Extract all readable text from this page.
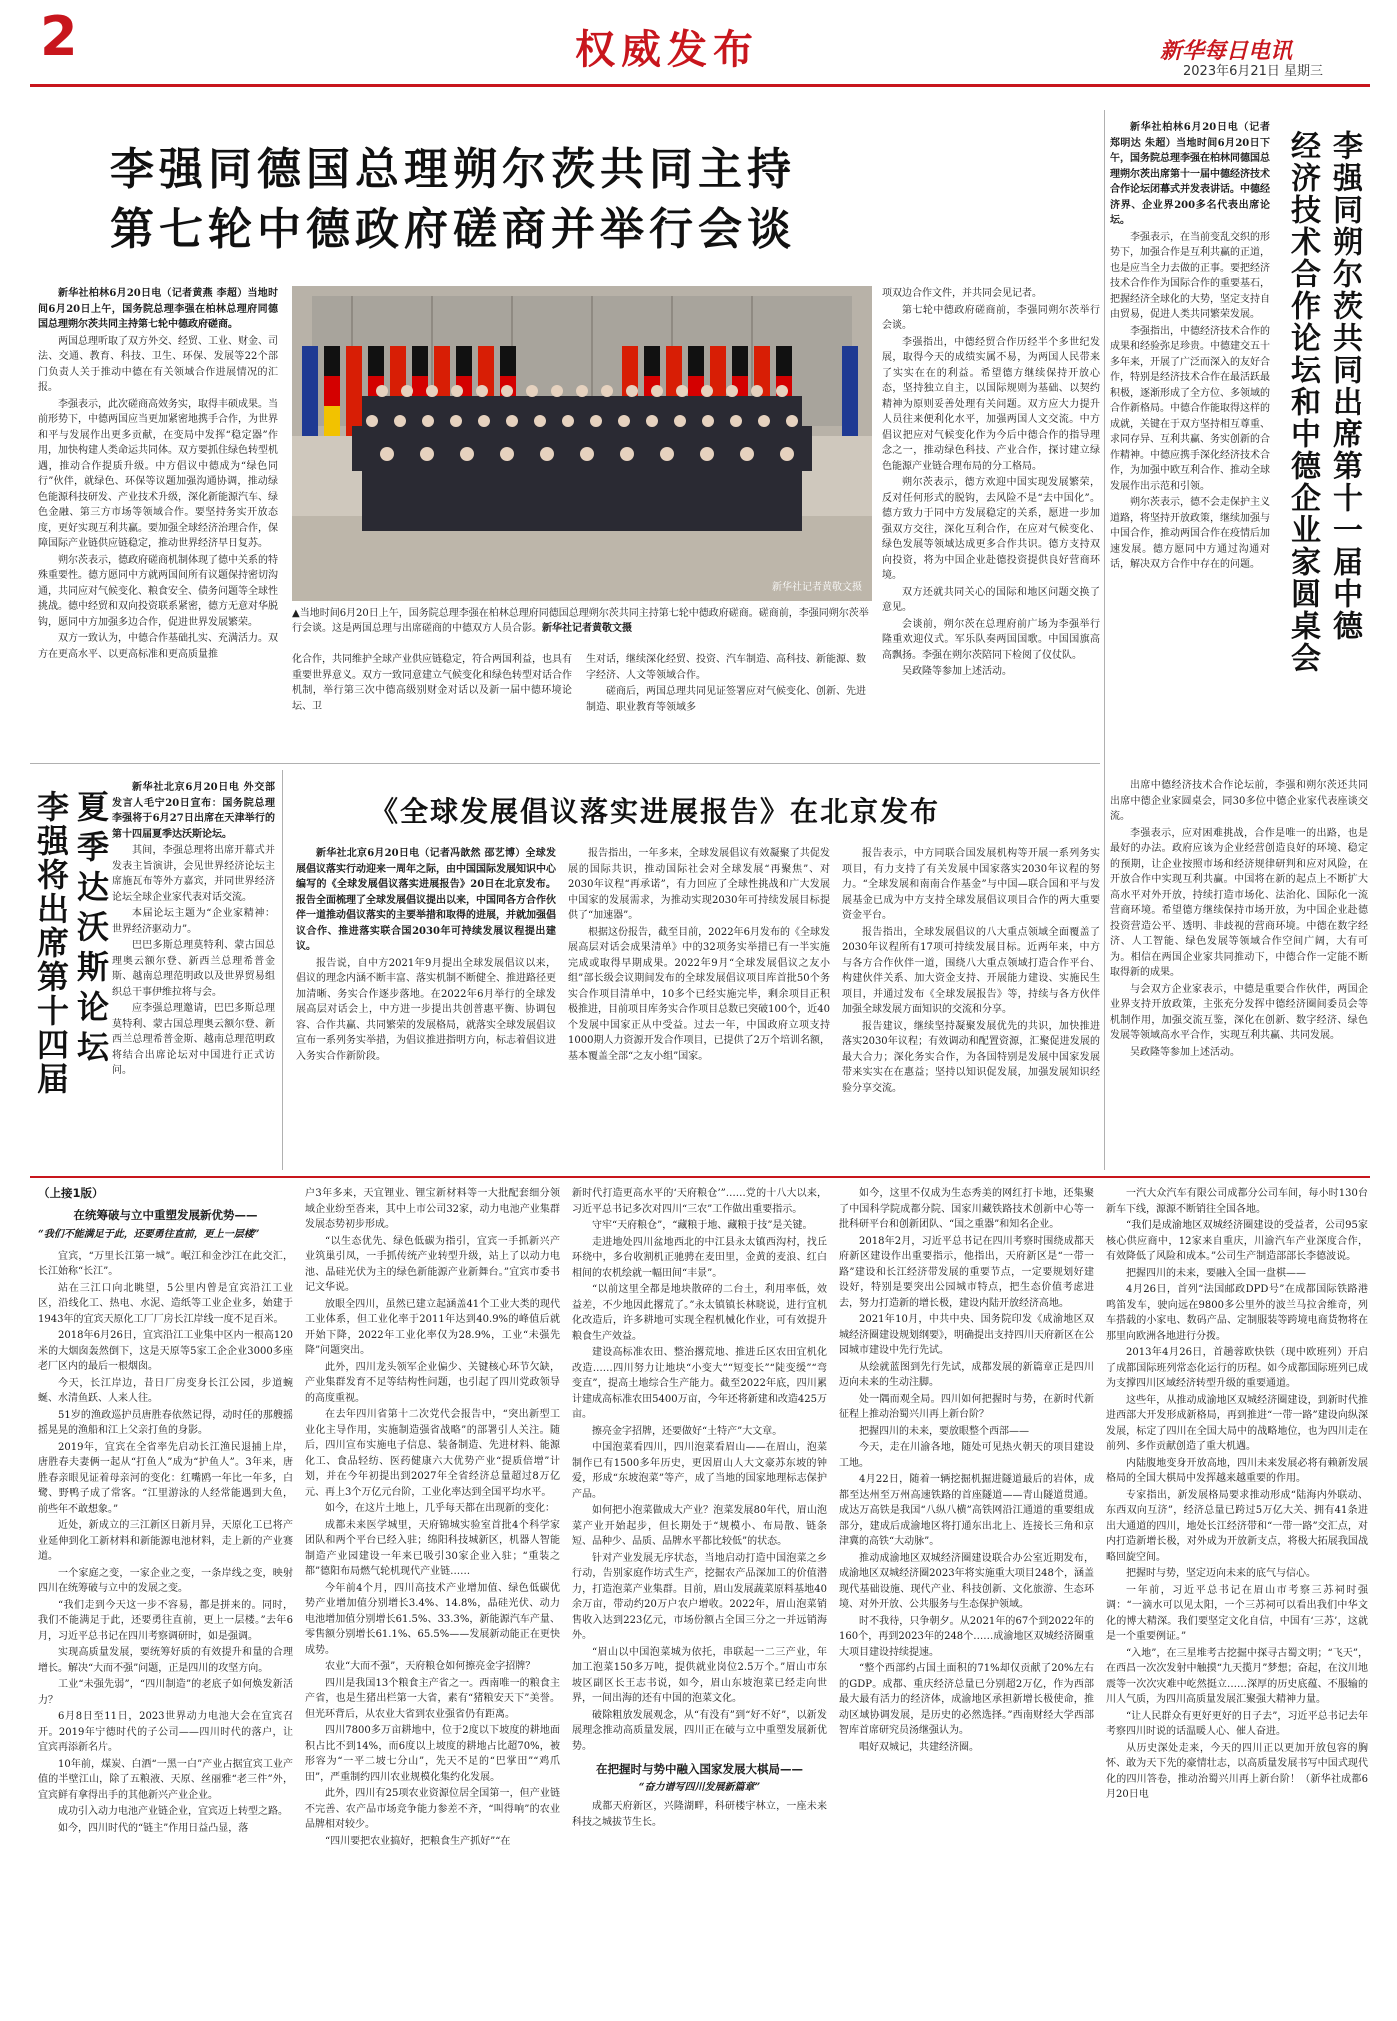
2	权威发布	新华每日电讯
2023年6月21日 星期三
李强同德国总理朔尔茨共同主持
第七轮中德政府磋商并举行会谈

新华社柏林6月20日电（记者黄燕 李超）当地时间6月20日上午，国务院总理李强在柏林总理府同德国总理朔尔茨共同主持第七轮中德政府磋商。

两国总理听取了双方外交、经贸、工业、财金、司法、交通、教育、科技、卫生、环保、发展等22个部门负责人关于推动中德在有关领域合作进展情况的汇报。

李强表示，此次磋商高效务实，取得丰硕成果。当前形势下，中德两国应当更加紧密地携手合作，为世界和平与发展作出更多贡献，在变局中发挥“稳定器”作用，加快构建人类命运共同体。双方要抓住绿色转型机遇，推动合作提质升级。中方倡议中德成为“绿色同行”伙伴，就绿色、环保等议题加强沟通协调，推动绿色能源科技研发、产业技术升级，深化新能源汽车、绿色金融、第三方市场等领域合作。要坚持务实开放态度，更好实现互利共赢。要加强全球经济治理合作，保障国际产业链供应链稳定，推动世界经济早日复苏。

朔尔茨表示，德政府磋商机制体现了德中关系的特殊重要性。德方愿同中方就两国间所有议题保持密切沟通，共同应对气候变化、粮食安全、债务问题等全球性挑战。德中经贸和双向投资联系紧密，德方无意对华脱钩，愿同中方加强多边合作，促进世界发展繁荣。

双方一致认为，中德合作基础扎实、充满活力。双方在更高水平、以更高标准和更高质量推

新华社记者黄敬文摄
▲当地时间6月20日上午，国务院总理李强在柏林总理府同德国总理朔尔茨共同主持第七轮中德政府磋商。磋商前，李强同朔尔茨举行会谈。这是两国总理与出席磋商的中德双方人员合影。新华社记者黄敬文摄

化合作，共同维护全球产业供应链稳定，符合两国利益，也具有重要世界意义。双方一致同意建立气候变化和绿色转型对话合作机制，举行第三次中德高级别财金对话以及新一届中德环境论坛、卫

生对话，继续深化经贸、投资、汽车制造、高科技、新能源、数字经济、人文等领域合作。

磋商后，两国总理共同见证签署应对气候变化、创新、先进制造、职业教育等领域多

项双边合作文件，并共同会见记者。

第七轮中德政府磋商前，李强同朔尔茨举行会谈。

李强指出，中德经贸合作历经半个多世纪发展，取得今天的成绩实属不易，为两国人民带来了实实在在的利益。希望德方继续保持开放心态，坚持独立自主，以国际规则为基础、以契约精神为原则妥善处理有关问题。双方应大力提升人员往来便利化水平，加强两国人文交流。中方倡议把应对气候变化作为今后中德合作的指导理念之一，推动绿色科技、产业合作，探讨建立绿色能源产业链合理布局的分工格局。

朔尔茨表示，德方欢迎中国实现发展繁荣，反对任何形式的脱钩，去风险不是“去中国化”。德方致力于同中方发展稳定的关系，愿进一步加强双方交往，深化互利合作，在应对气候变化、绿色发展等领域达成更多合作共识。德方支持双向投资，将为中国企业赴德投资提供良好营商环境。

双方还就共同关心的国际和地区问题交换了意见。

会谈前，朔尔茨在总理府前广场为李强举行隆重欢迎仪式。军乐队奏两国国歌。中国国旗高高飘扬。李强在朔尔茨陪同下检阅了仪仗队。

吴政隆等参加上述活动。

李强同朔尔茨共同出席第十一届中德
经济技术合作论坛和中德企业家圆桌会

新华社柏林6月20日电（记者郑明达 朱超）当地时间6月20日下午，国务院总理李强在柏林同德国总理朔尔茨出席第十一届中德经济技术合作论坛闭幕式并发表讲话。中德经济界、企业界200多名代表出席论坛。

李强表示，在当前变乱交织的形势下，加强合作是互利共赢的正道，也是应当全力去做的正事。要把经济技术合作作为国际合作的重要基石，把握经济全球化的大势，坚定支持自由贸易，促进人类共同繁荣发展。

李强指出，中德经济技术合作的成果和经验弥足珍贵。中德建交五十多年来，开展了广泛而深入的友好合作，特别是经济技术合作在最活跃最积极，逐渐形成了全方位、多领域的合作新格局。中德合作能取得这样的成就，关键在于双方坚持相互尊重、求同存异、互利共赢、务实创新的合作精神。中德应携手深化经济技术合作，为加强中欧互利合作、推动全球发展作出示范和引领。

朔尔茨表示，德不会走保护主义道路，将坚持开放政策，继续加强与中国合作，推动两国合作在疫情后加速发展。德方愿同中方通过沟通对话，解决双方合作中存在的问题。

出席中德经济技术合作论坛前，李强和朔尔茨还共同出席中德企业家圆桌会，同30多位中德企业家代表座谈交流。

李强表示，应对困难挑战，合作是唯一的出路，也是最好的办法。政府应该为企业经营创造良好的环境、稳定的预期，让企业按照市场和经济规律研判和应对风险，在开放合作中实现互利共赢。中国将在新的起点上不断扩大高水平对外开放，持续打造市场化、法治化、国际化一流营商环境。希望德方继续保持市场开放，为中国企业赴德投资营造公平、透明、非歧视的营商环境。中德在数字经济、人工智能、绿色发展等领域合作空间广阔，大有可为。相信在两国企业家共同推动下，中德合作一定能不断取得新的成果。

与会双方企业家表示，中德是重要合作伙伴，两国企业界支持开放政策，主张充分发挥中德经济圈间委员会等机制作用，加强交流互鉴，深化在创新、数字经济、绿色发展等领域高水平合作，实现互利共赢、共同发展。

吴政隆等参加上述活动。

李强将出席第十四届 夏季达沃斯论坛

新华社北京6月20日电 外交部发言人毛宁20日宣布：国务院总理李强将于6月27日出席在天津举行的第十四届夏季达沃斯论坛。

其间，李强总理将出席开幕式并发表主旨演讲，会见世界经济论坛主席施瓦布等外方嘉宾，并同世界经济论坛全球企业家代表对话交流。

本届论坛主题为“企业家精神：世界经济驱动力”。

巴巴多斯总理莫特利、蒙古国总理奥云额尔登、新西兰总理希普金斯、越南总理范明政以及世界贸易组织总干事伊维拉将与会。

应李强总理邀请，巴巴多斯总理莫特利、蒙古国总理奥云额尔登、新西兰总理希普金斯、越南总理范明政将结合出席论坛对中国进行正式访问。

《全球发展倡议落实进展报告》在北京发布

新华社北京6月20日电（记者冯歆然 邵艺博）全球发展倡议落实行动迎来一周年之际，由中国国际发展知识中心编写的《全球发展倡议落实进展报告》20日在北京发布。报告全面梳理了全球发展倡议提出以来，中国同各方合作伙伴一道推动倡议落实的主要举措和取得的进展，并就加强倡议合作、推进落实联合国2030年可持续发展议程提出建议。

报告说，自中方2021年9月提出全球发展倡议以来，倡议的理念内涵不断丰富、落实机制不断健全、推进路径更加清晰、务实合作逐步落地。在2022年6月举行的全球发展高层对话会上，中方进一步提出共创普惠平衡、协调包容、合作共赢、共同繁荣的发展格局，就落实全球发展倡议宣布一系列务实举措，为倡议推进指明方向，标志着倡议进入务实合作新阶段。

报告指出，一年多来，全球发展倡议有效凝聚了共促发展的国际共识，推动国际社会对全球发展“再聚焦”、对2030年议程“再承诺”，有力回应了全球性挑战和广大发展中国家的发展需求，为推动实现2030年可持续发展目标提供了“加速器”。

根据这份报告，截至目前，2022年6月发布的《全球发展高层对话会成果清单》中的32项务实举措已有一半实施完成或取得早期成果。2022年9月“全球发展倡议之友小组”部长级会议期间发布的全球发展倡议项目库首批50个务实合作项目清单中，10多个已经实施完毕，剩余项目正积极推进，目前项目库务实合作项目总数已突破100个，近40个发展中国家正从中受益。过去一年，中国政府立项支持1000期人力资源开发合作项目，已提供了2万个培训名额，基本覆盖全部“之友小组”国家。

报告表示，中方同联合国发展机构等开展一系列务实项目，有力支持了有关发展中国家落实2030年议程的努力。“全球发展和南南合作基金”与中国—联合国和平与发展基金已成为中方支持全球发展倡议项目合作的两大重要资金平台。

报告指出，全球发展倡议的八大重点领域全面覆盖了2030年议程所有17项可持续发展目标。近两年来，中方与各方合作伙伴一道，围绕八大重点领域打造合作平台、构建伙伴关系、加大资金支持、开展能力建设、实施民生项目，并通过发布《全球发展报告》等，持续与各方伙伴加强全球发展方面知识的交流和分享。

报告建议，继续坚持凝聚发展优先的共识，加快推进落实2030年议程；有效调动和配置资源，汇聚促进发展的最大合力；深化务实合作，为各国特别是发展中国家发展带来实实在在惠益；坚持以知识促发展，加强发展知识经验分享交流。

（上接1版）
在统筹破与立中重塑发展新优势——
“我们不能满足于此，还要勇往直前，更上一层楼”

宜宾，“万里长江第一城”。岷江和金沙江在此交汇，长江始称“长江”。

站在三江口向北眺望，5公里内曾是宜宾沿江工业区，沿线化工、热电、水泥、造纸等工业企业多，始建于1943年的宜宾天原化工厂厂房长江岸线一度不足百米。

2018年6月26日，宜宾沿江工业集中区内一根高120米的大烟囱轰然倒下，这是天原等5家工企企业3000多座老厂区内的最后一根烟囱。

今天，长江岸边，昔日厂房变身长江公园，步道蜿蜒、水清鱼跃、人来人往。

51岁的渔政巡护员唐胜春依然记得，动时任的那艘摇摇晃晃的渔船和江上父亲打鱼的身影。

2019年，宜宾在全省率先启动长江渔民退捕上岸，唐胜春夫妻俩一起从“打鱼人”成为“护鱼人”。3年来，唐胜春亲眼见证着母亲河的变化：红嘴鸥一年比一年多，白鹭、野鸭子成了常客。“江里游泳的人经常能遇到大鱼，前些年不敢想象。”

近处，新成立的三江新区日新月异，天原化工已将产业延伸到化工新材料和新能源电池材料，走上新的产业赛道。

一个家庭之变，一家企业之变，一条岸线之变，映射四川在统筹破与立中的发展之变。

“我们走到今天这一步不容易，都是拼来的。同时，我们不能满足于此，还要勇往直前，更上一层楼。”去年6月，习近平总书记在四川考察调研时，如是强调。

实现高质量发展，要统筹好质的有效提升和量的合理增长。解决“大而不强”问题，正是四川的攻坚方向。

工业“未强先弱”，“四川制造”的老底子如何焕发新活力？

6月8日至11日，2023世界动力电池大会在宜宾召开。2019年宁德时代的子公司——四川时代的落户，让宜宾再添新名片。

10年前，煤炭、白酒“一黑一白”产业占据宜宾工业产值的半壁江山，除了五粮液、天原、丝丽雅“老三件”外，宜宾鲜有拿得出手的其他新兴产业企业。

成功引入动力电池产业链企业，宜宾迈上转型之路。

如今，四川时代的“链主”作用日益凸显，落

户3年多来，天宜锂业、锂宝新材料等一大批配套细分领域企业纷至沓来，其中上市公司32家，动力电池产业集群发展态势初步形成。

“以生态优先、绿色低碳为指引，宜宾一手抓新兴产业筑巢引凤，一手抓传统产业转型升级，站上了以动力电池、晶硅光伏为主的绿色新能源产业新舞台。”宜宾市委书记文华说。

放眼全四川，虽然已建立起涵盖41个工业大类的现代工业体系，但工业化率于2011年达到40.9%的峰值后就开始下降，2022年工业化率仅为28.9%，工业“未强先降”问题突出。

此外，四川龙头领军企业偏少、关键核心环节欠缺，产业集群发育不足等结构性问题，也引起了四川党政领导的高度重视。

在去年四川省第十二次党代会报告中，“突出新型工业化主导作用，实施制造强省战略”的部署引人关注。随后，四川宣布实施电子信息、装备制造、先进材料、能源化工、食品轻纺、医药健康六大优势产业“提质倍增”计划，并在今年初提出到2027年全省经济总量超过8万亿元、再上3个万亿元台阶，工业化率达到全国平均水平。

如今，在这片土地上，几乎每天都在出现新的变化：

成都未来医学城里，天府锦城实验室首批4个科学家团队和两个平台已经入驻；绵阳科技城新区，机器人智能制造产业园建设一年来已吸引30家企业入驻；“重装之都”德阳布局燃气轮机现代产业链……

今年前4个月，四川高技术产业增加值、绿色低碳优势产业增加值分别增长3.4%、14.8%，晶硅光伏、动力电池增加值分别增长61.5%、33.3%，新能源汽车产量、零售额分别增长61.1%、65.5%——发展新动能正在更快成势。

农业“大而不强”，天府粮仓如何擦亮金字招牌？

四川是我国13个粮食主产省之一。西南唯一的粮食主产省，也是生猪出栏第一大省，素有“猪粮安天下”美誉。但光环背后，从农业大省到农业强省仍有距离。

四川7800多万亩耕地中，位于2度以下坡度的耕地面积占比不到14%，而6度以上坡度的耕地占比超70%，被形容为“一平二坡七分山”，先天不足的“巴掌田”“鸡爪田”，严重制约四川农业规模化集约化发展。

此外，四川有25项农业资源位居全国第一，但产业链不完善、农产品市场竞争能力参差不齐，“叫得响”的农业品牌相对较少。

“四川要把农业搞好，把粮食生产抓好”“在

新时代打造更高水平的‘天府粮仓’”……党的十八大以来，习近平总书记多次对四川“三农”工作做出重要指示。

守牢“天府粮仓”，“藏粮于地、藏粮于技”是关键。

走进地处四川盆地西北的中江县永太镇西沟村，找丘环绕中，多台收割机正驰骋在麦田里，金黄的麦浪、红白相间的农机绘就一幅田间“丰景”。

“以前这里全都是地块散碎的二台土，利用率低，效益差，不少地因此撂荒了。”永太镇镇长林晓说，进行宜机化改造后，许多耕地可实现全程机械化作业，可有效提升粮食生产效益。

建设高标准农田、整治撂荒地、推进丘区农田宜机化改造……四川努力让地块“小变大”“短变长”“陡变缓”“弯变直”，提高土地综合生产能力。截至2022年底，四川累计建成高标准农田5400万亩，今年还将新建和改造425万亩。

擦亮金字招牌，还要做好“土特产”大文章。

中国泡菜看四川，四川泡菜看眉山——在眉山，泡菜制作已有1500多年历史，更因眉山人大文豪苏东坡的钟爱，形成“东坡泡菜”等产，成了当地的国家地理标志保护产品。

如何把小泡菜做成大产业？泡菜发展80年代，眉山泡菜产业开始起步，但长期处于“规模小、布局散、链条短、品种少、品质、品牌水平都比较低”的状态。

针对产业发展无序状态，当地启动打造中国泡菜之乡行动，告别家庭作坊式生产，挖掘农产品深加工的价值潜力，打造泡菜产业集群。目前，眉山发展蔬菜原料基地40余万亩，带动约20万户农户增收。2022年，眉山泡菜销售收入达到223亿元，市场份额占全国三分之一并远销海外。

“眉山以中国泡菜城为依托，串联起一二三产业，年加工泡菜150多万吨，提供就业岗位2.5万个。”眉山市东坡区副区长王志书说，如今，眉山东坡泡菜已经走向世界，一间出海的还有中国的泡菜文化。

破除粗放发展观念，从“有没有”到“好不好”，以新发展理念推动高质量发展，四川正在破与立中重塑发展新优势。

在把握时与势中融入国家发展大棋局——
“奋力谱写四川发展新篇章”

成都天府新区，兴隆湖畔，科研楼宇林立，一座未来科技之城拔节生长。

如今，这里不仅成为生态秀美的网红打卡地，还集聚了中国科学院成都分院、国家川藏铁路技术创新中心等一批科研平台和创新团队、“国之重器”和知名企业。

2018年2月，习近平总书记在四川考察时围绕成都天府新区建设作出重要指示，他指出，天府新区是“一带一路”建设和长江经济带发展的重要节点，一定要规划好建设好，特别是要突出公园城市特点，把生态价值考虑进去，努力打造新的增长极，建设内陆开放经济高地。

2021年10月，中共中央、国务院印发《成渝地区双城经济圈建设规划纲要》，明确提出支持四川天府新区在公园城市建设中先行先试。

从绘就蓝图到先行先试，成都发展的新篇章正是四川迈向未来的生动注脚。

处一隅而观全局。四川如何把握时与势，在新时代新征程上推动治蜀兴川再上新台阶？

把握四川的未来，要放眼整个西部——

今天，走在川渝各地，随处可见热火朝天的项目建设工地。

4月22日，随着一辆挖掘机掘进隧道最后的岩体，成都至达州至万州高速铁路的首座隧道——青山隧道贯通。成达万高铁是我国“八纵八横”高铁网沿江通道的重要组成部分，建成后成渝地区将打通东出北上、连接长三角和京津冀的高铁“大动脉”。

推动成渝地区双城经济圈建设联合办公室近期发布，成渝地区双城经济圈2023年将实施重大项目248个，涵盖现代基础设施、现代产业、科技创新、文化旅游、生态环境、对外开放、公共服务与生态保护领域。

时不我待，只争朝夕。从2021年的67个到2022年的160个，再到2023年的248个……成渝地区双城经济圈重大项目建设持续提速。

“整个西部约占国土面积的71%却仅贡献了20%左右的GDP。成都、重庆经济总量已分别超2万亿，作为西部最大最有活力的经济体，成渝地区承担新增长极使命，推动区域协调发展，是历史的必然选择。”西南财经大学西部智库首席研究员汤继强认为。

唱好双城记，共建经济圈。

一汽大众汽车有限公司成都分公司车间，每小时130台新车下线，源源不断销往全国各地。

“我们是成渝地区双城经济圈建设的受益者，公司95家核心供应商中，12家来自重庆，川渝汽车产业深度合作，有效降低了风险和成本。”公司生产制造部部长李德波说。

把握四川的未来，要融入全国一盘棋——

4月26日，首列“法国邮政DPD号”在成都国际铁路港鸣笛发车，驶向远在9800多公里外的波兰马拉舍维奇，列车搭载的小家电、数码产品、定制服装等跨境电商货物将在那里向欧洲各地进行分拨。

2013年4月26日，首趟蓉欧快铁（现中欧班列）开启了成都国际班列常态化运行的历程。如今成都国际班列已成为支撑四川区域经济转型升级的重要通道。

这些年，从推动成渝地区双城经济圈建设，到新时代推进西部大开发形成新格局，再到推进“一带一路”建设向纵深发展，标定了四川在全国大局中的战略地位，也为四川走在前列、多作贡献创造了重大机遇。

内陆腹地变身开放高地，四川未来发展必将有赖新发展格局的全国大棋局中发挥越来越重要的作用。

专家指出，新发展格局要求推动形成“陆海内外联动、东西双向互济”，经济总量已跨过5万亿大关、拥有41条进出大通道的四川，地处长江经济带和“一带一路”交汇点，对内打造新增长极，对外成为开放新支点，将极大拓展我国战略回旋空间。

把握时与势，坚定迈向未来的底气与信心。

一年前，习近平总书记在眉山市考察三苏祠时强调：“一滴水可以见太阳，一个三苏祠可以看出我们中华文化的博大精深。我们要坚定文化自信，中国有‘三苏’，这就是一个重要例证。”

“入地”，在三星堆考古挖掘中探寻古蜀文明；“飞天”，在西昌一次次发射中触摸“九天揽月”梦想；奋起，在汶川地震等一次次灾难中屹然挺立……深厚的历史底蕴、不服输的川人气质，为四川高质量发展汇聚强大精神力量。

“让人民群众有更好更好的日子去”，习近平总书记去年考察四川时说的话温暖人心、催人奋进。

从历史深处走来，今天的四川正以更加开放包容的胸怀、敢为天下先的豪情壮志，以高质量发展书写中国式现代化的四川答卷，推动治蜀兴川再上新台阶！（新华社成都6月20日电
